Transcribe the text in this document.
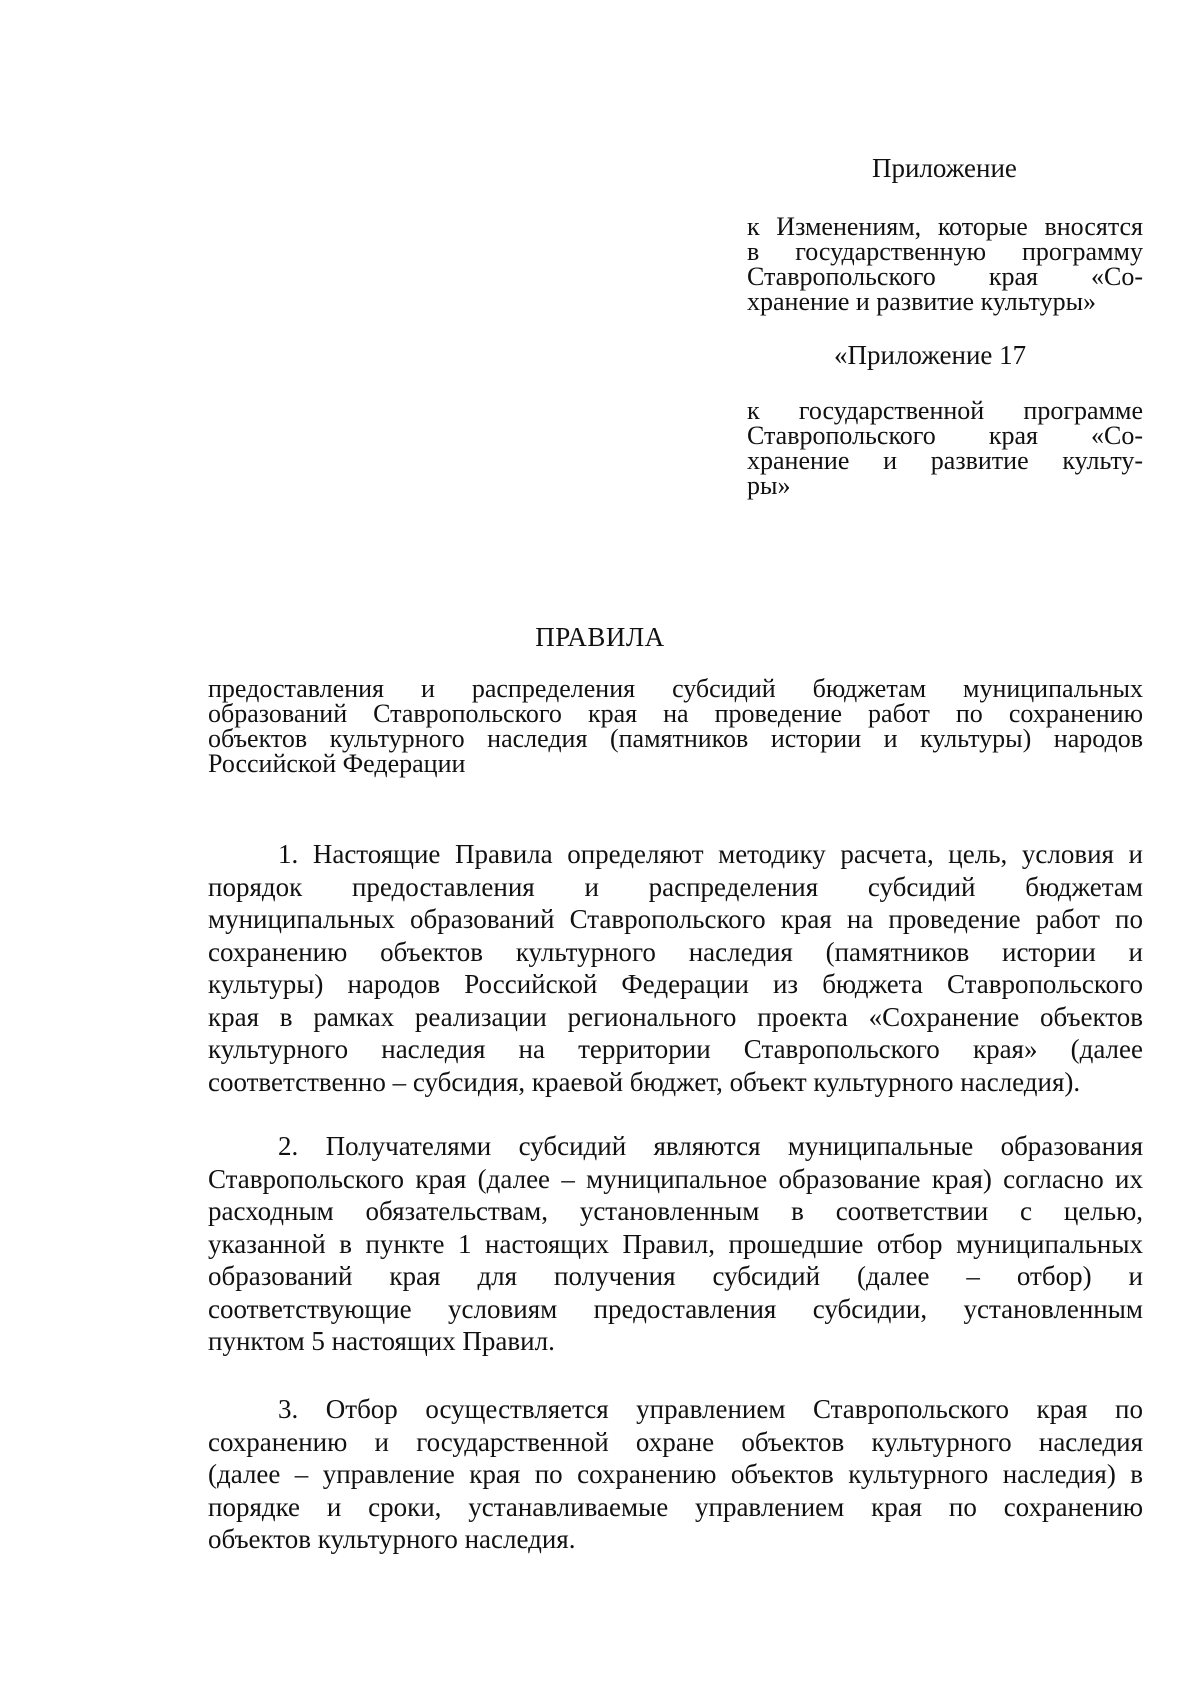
Приложение
к Изменениям, которые вносятся
в государственную программу
Ставропольского края «Со-
хранение и развитие культуры»
«Приложение 17
к государственной программе
Ставропольского края «Со-
хранение и развитие культу-
ры»
ПРАВИЛА
предоставления и распределения субсидий бюджетам муниципальных
образований Ставропольского края на проведение работ по сохранению
объектов культурного наследия (памятников истории и культуры) народов
Российской Федерации
1. Настоящие Правила определяют методику расчета, цель, условия и
порядок предоставления и распределения субсидий бюджетам
муниципальных образований Ставропольского края на проведение работ по
сохранению объектов культурного наследия (памятников истории и
культуры) народов Российской Федерации из бюджета Ставропольского
края в рамках реализации регионального проекта «Сохранение объектов
культурного наследия на территории Ставропольского края» (далее
соответственно – субсидия, краевой бюджет, объект культурного наследия).
2. Получателями субсидий являются муниципальные образования
Ставропольского края (далее – муниципальное образование края) согласно их
расходным обязательствам, установленным в соответствии с целью,
указанной в пункте 1 настоящих Правил, прошедшие отбор муниципальных
образований края для получения субсидий (далее – отбор) и
соответствующие условиям предоставления субсидии, установленным
пунктом 5 настоящих Правил.
3. Отбор осуществляется управлением Ставропольского края по
сохранению и государственной охране объектов культурного наследия
(далее – управление края по сохранению объектов культурного наследия) в
порядке и сроки, устанавливаемые управлением края по сохранению
объектов культурного наследия.
